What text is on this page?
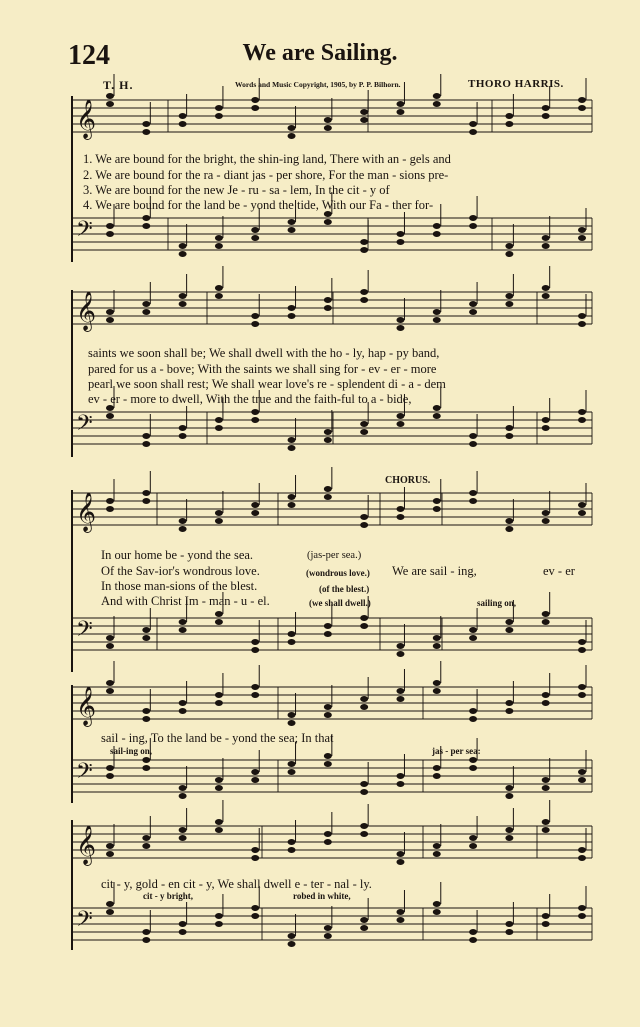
𝄞
𝄢
𝄞
𝄢
𝄞
𝄢
𝄞
𝄢
𝄞
𝄢
124	We are Sailing.
T. H.	Words and Music Copyright, 1905, by P. P. Bilhorn.	THORO HARRIS.
1. We are bound for the bright, the shin-ing land, There with an - gels and
2. We are bound for the ra - diant jas - per shore, For the man - sions pre-
3. We are bound for the new Je - ru - sa - lem, In the cit - y of
4. We are bound for the land be - yond the tide, With our Fa - ther for-
saints we soon shall be; We shall dwell with the ho - ly, hap - py band,
pared for us a - bove; With the saints we shall sing for - ev - er - more
pearl we soon shall rest; We shall wear love's re - splendent di - a - dem
ev - er - more to dwell, With the true and the faith-ful to a - bide,
CHORUS.
In our home be - yond the sea.
Of the Sav-ior's wondrous love.
In those man-sions of the blest.
And with Christ Im - man - u - el.
(jas-per sea.)
(wondrous love.)
(of the blest.)
(we shall dwell.)
We are sail - ing,	ev - er
sailing on,
sail - ing, To the land be - yond the sea; In that
sail-ing on,	jas - per sea:
cit - y, gold - en cit - y, We shall dwell e - ter - nal - ly.
cit - y bright,	robed in white,
